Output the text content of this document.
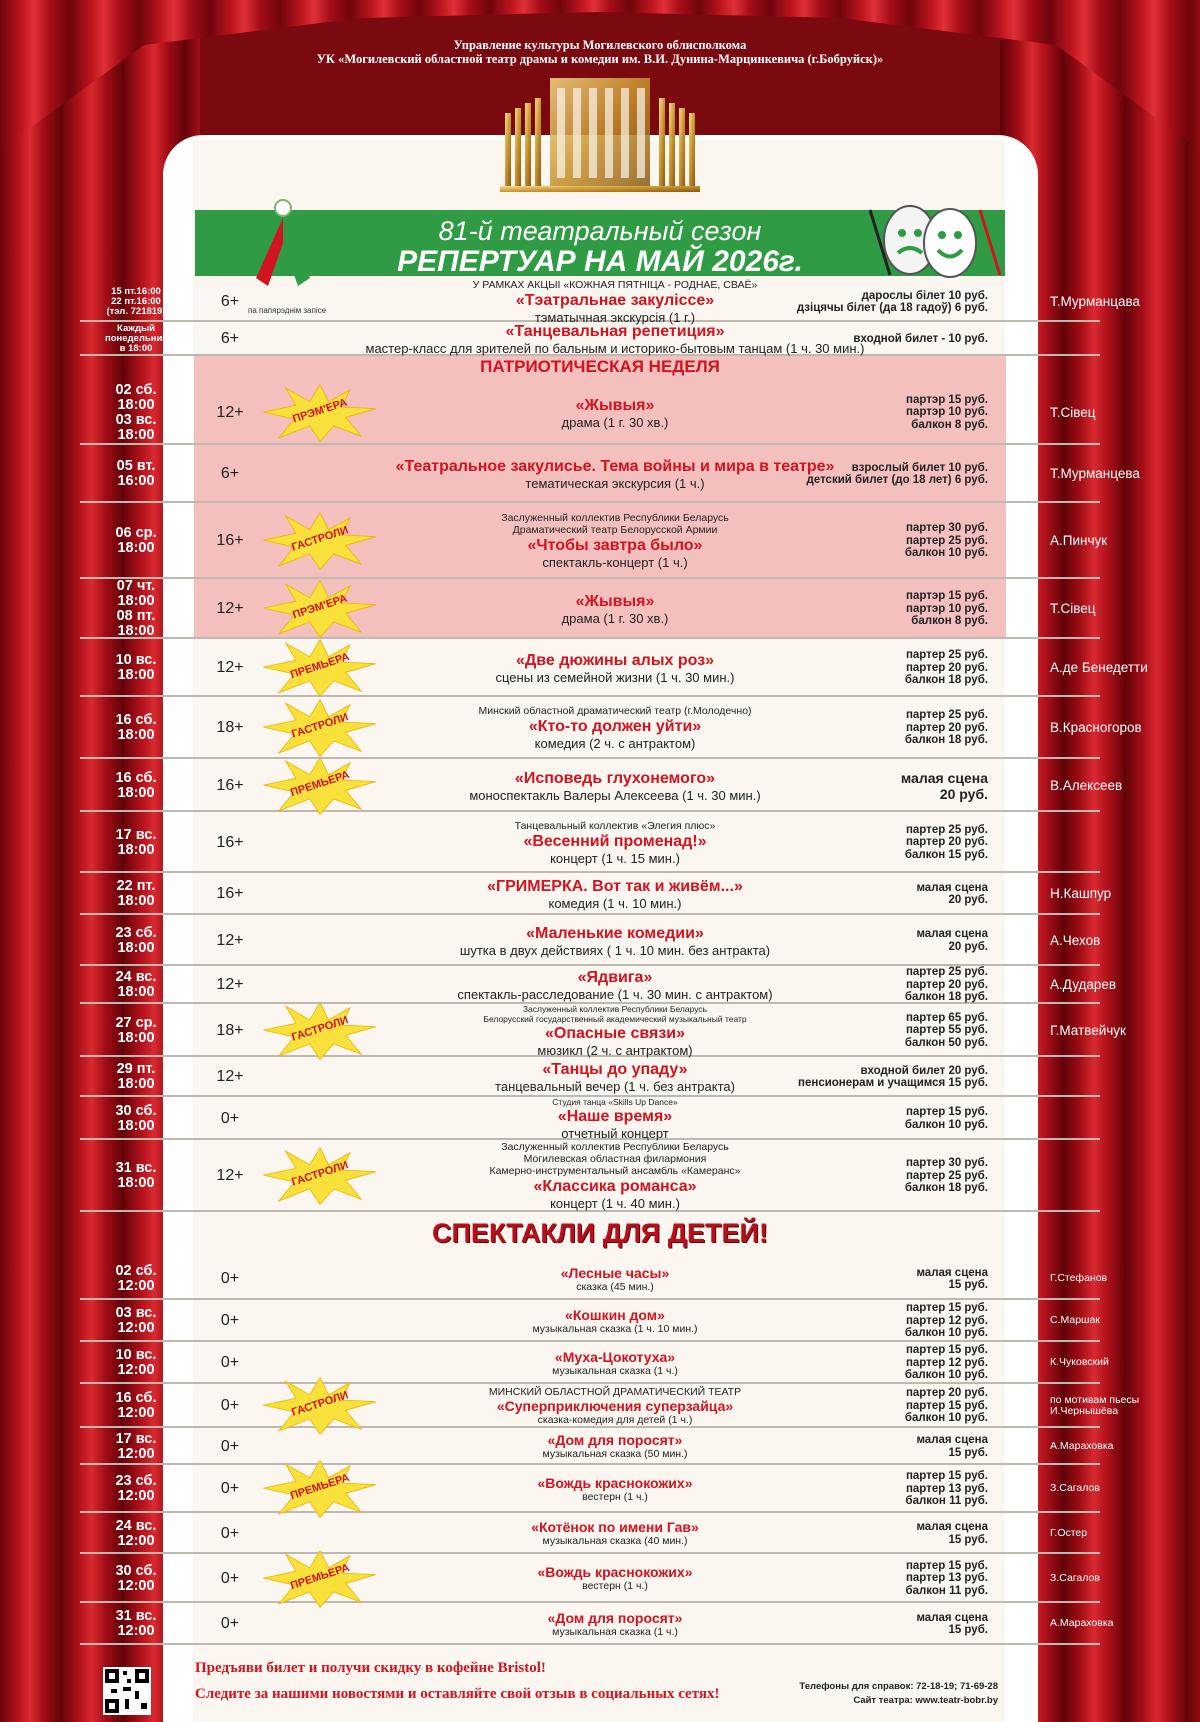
Управление культуры Могилевского облисполкома
УК «Могилевский областной театр драмы и комедии им. В.И. Дунина-Марцинкевича (г.Бобруйск)»
81-й театральный сезон
РЕПЕРТУАР НА МАЙ 2026г.
па папярэднім запісе
15 пт.16:00
22 пт.16:00
(тэл. 721819)
6+
У РАМКАХ АКЦЫІ «КОЖНАЯ ПЯТНІЦА - РОДНАЕ, СВАЁ»
«Тэатральнае закулiссе»
тэматычная экскурсія (1 г.)
дарослы білет 10 руб.
дзіцячы білет (да 18 гадоў) 6 руб.	Т.Мурманцава
Каждый
понедельник
в 18:00
6+	«Танцевальная репетиция»
мастер-класс для зрителей по бальным и историко-бытовым танцам (1 ч. 30 мин.)
входной билет - 10 руб.
02 сб.
18:00
03 вс.
18:00
12+	ПРЭМ'ЕРА	«Жывыя»
драма (1 г. 30 хв.)
партэр 15 руб.
партэр 10 руб.
балкон 8 руб.
Т.Сівец
05 вт.
16:00	6+	«Театральное закулисье. Тема войны и мира в театре»
тематическая экскурсия (1 ч.)
взрослый билет 10 руб.
детский билет (до 18 лет) 6 руб.	Т.Мурманцева
06 ср.
18:00	16+	ГАСТРОЛИ
Заслуженный коллектив Республики Беларусь
Драматический театр Белорусской Армии
«Чтобы завтра было»
спектакль-концерт (1 ч.)
партер 30 руб.
партер 25 руб.
балкон 10 руб.
А.Пинчук
07 чт.
18:00
08 пт.
18:00
12+	ПРЭМ'ЕРА	«Жывыя»
драма (1 г. 30 хв.)
партэр 15 руб.
партэр 10 руб.
балкон 8 руб.
Т.Сівец
10 вс.
18:00	12+	ПРЕМЬЕРА	«Две дюжины алых роз»
сцены из семейной жизни (1 ч. 30 мин.)
партер 25 руб.
партер 20 руб.
балкон 18 руб.
А.де Бенедетти
16 сб.
18:00	18+	ГАСТРОЛИ
Минский областной драматический театр (г.Молодечно)
«Кто-то должен уйти»
комедия (2 ч. с антрактом)
партер 25 руб.
партер 20 руб.
балкон 18 руб.
В.Красногоров
16 сб.
18:00	16+	ПРЕМЬЕРА	«Исповедь глухонемого»
моноспектакль Валеры Алексеева (1 ч. 30 мин.)
малая сцена
20 руб.
В.Алексеев
17 вс.
18:00	16+
Танцевальный коллектив «Элегия плюс»
«Весенний променад!»
концерт (1 ч. 15 мин.)
партер 25 руб.
партер 20 руб.
балкон 15 руб.
22 пт.
18:00	16+	«ГРИМЕРКА. Вот так и живём...»
комедия (1 ч. 10 мин.)
малая сцена
20 руб.	Н.Кашпур
23 сб.
18:00	12+	«Маленькие комедии»
шутка в двух действиях ( 1 ч. 10 мин. без антракта)
малая сцена
20 руб.	А.Чехов
24 вс.
18:00	12+	«Ядвига»
спектакль-расследование (1 ч. 30 мин. с антрактом)
партер 25 руб.
партер 20 руб.
балкон 18 руб.
А.Дударев
27 ср.
18:00	18+	ГАСТРОЛИ
Заслуженный коллектив Республики Беларусь
Белорусский государственный академический музыкальный театр
«Опасные связи»
мюзикл (2 ч. с антрактом)
партер 65 руб.
партер 55 руб.
балкон 50 руб.
Г.Матвейчук
29 пт.
18:00	12+	«Танцы до упаду»
танцевальный вечер (1 ч. без антракта)
входной билет 20 руб.
пенсионерам и учащимся 15 руб.
30 сб.
18:00	0+
Студия танца «Skills Up Dance»
«Наше время»
отчетный концерт
партер 15 руб.
балкон 10 руб.
31 вс.
18:00	12+	ГАСТРОЛИ
Заслуженный коллектив Республики Беларусь
Могилевская областная филармония
Камерно-инструментальный ансамбль «Камеранс»
«Классика романса»
концерт (1 ч. 40 мин.)
партер 30 руб.
партер 25 руб.
балкон 18 руб.
02 сб.
12:00	0+	«Лесные часы»
сказка (45 мин.)
малая сцена
15 руб.
Г.Стефанов
03 вс.
12:00	0+	«Кошкин дом»
музыкальная сказка (1 ч. 10 мин.)
партер 15 руб.
партер 12 руб.
балкон 10 руб.
С.Маршак
10 вс.
12:00	0+	«Муха-Цокотуха»
музыкальная сказка (1 ч.)
партер 15 руб.
партер 12 руб.
балкон 10 руб.
К.Чуковский
16 сб.
12:00	0+	ГАСТРОЛИ	МИНСКИЙ ОБЛАСТНОЙ ДРАМАТИЧЕСКИЙ ТЕАТР
«Суперприключения суперзайца»
сказка-комедия для детей (1 ч.)
партер 20 руб.
партер 15 руб.
балкон 10 руб.
по мотивам пьесы И.Чернышёва
17 вс.
12:00	0+	«Дом для поросят»
музыкальная сказка (50 мин.)
малая сцена
15 руб.
А.Мараховка
23 сб.
12:00	0+	ПРЕМЬЕРА	«Вождь краснокожих»
вестерн (1 ч.)
партер 15 руб.
партер 13 руб.
балкон 11 руб.
З.Сагалов
24 вс.
12:00	0+	«Котёнок по имени Гав»
музыкальная сказка (40 мин.)
малая сцена
15 руб.
Г.Остер
30 сб.
12:00	0+	ПРЕМЬЕРА	«Вождь краснокожих»
вестерн (1 ч.)
партер 15 руб.
партер 13 руб.
балкон 11 руб.
З.Сагалов
31 вс.
12:00	0+	«Дом для поросят»
музыкальная сказка (1 ч.)
малая сцена
15 руб.
А.Мараховка
ПАТРИОТИЧЕСКАЯ НЕДЕЛЯ
СПЕКТАКЛИ ДЛЯ ДЕТЕЙ!
Предъяви билет и получи скидку в кофейне Bristol!
Следите за нашими новостями и оставляйте свой отзыв в социальных сетях!	Телефоны для справок: 72-18-19; 71-69-28
Сайт театра: www.teatr-bobr.by
